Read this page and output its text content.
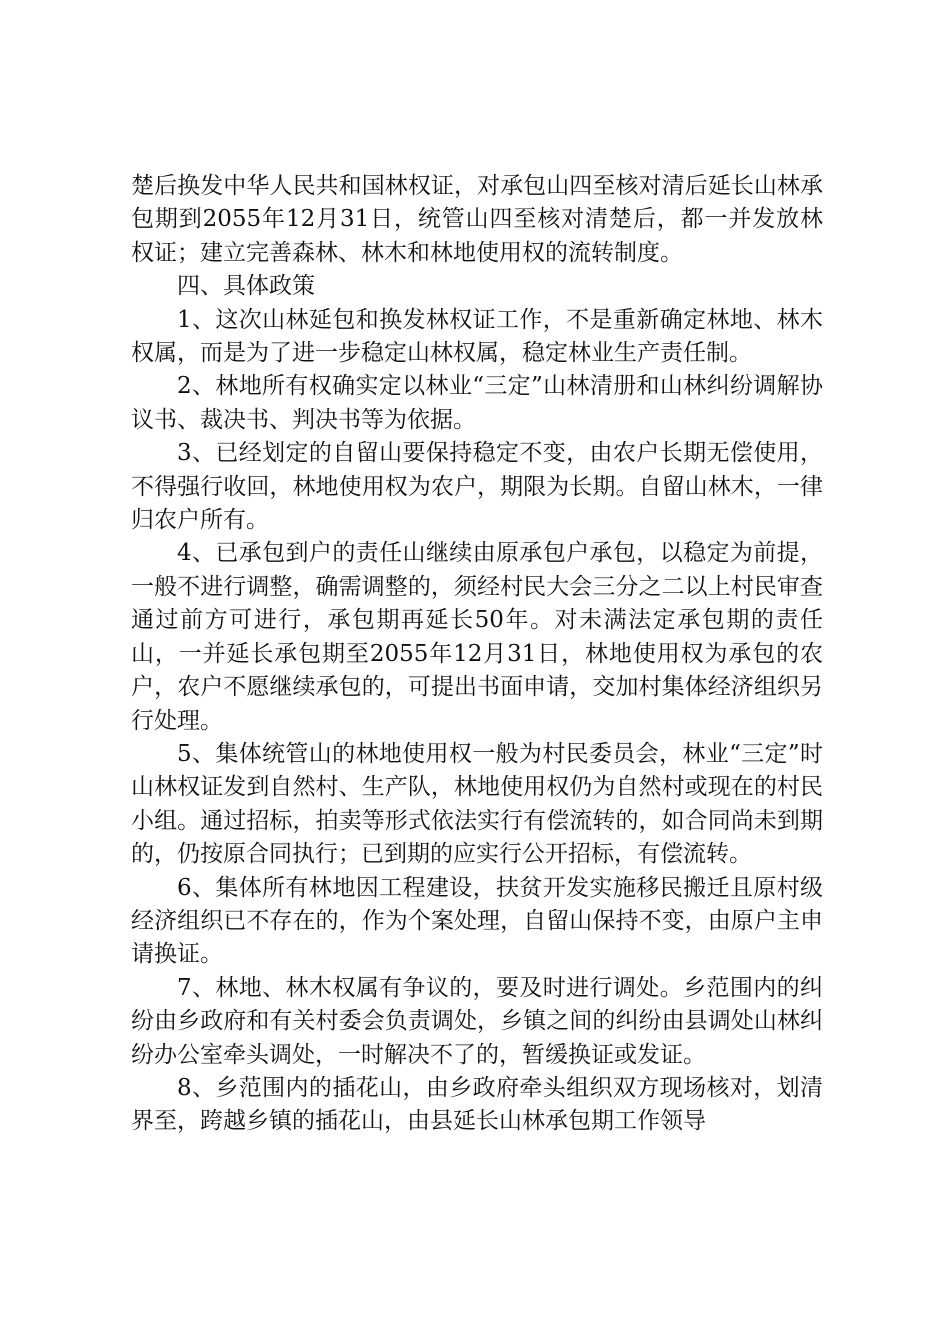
楚后换发中华人民共和国林权证，对承包山四至核对清后延长山林承包期到2055年12月31日，统管山四至核对清楚后，都一并发放林权证；建立完善森林、林木和林地使用权的流转制度。

四、具体政策

1、这次山林延包和换发林权证工作，不是重新确定林地、林木权属，而是为了进一步稳定山林权属，稳定林业生产责任制。

2、林地所有权确实定以林业“三定”山林清册和山林纠纷调解协议书、裁决书、判决书等为依据。

3、已经划定的自留山要保持稳定不变，由农户长期无偿使用，不得强行收回，林地使用权为农户，期限为长期。自留山林木，一律归农户所有。

4、已承包到户的责任山继续由原承包户承包，以稳定为前提，一般不进行调整，确需调整的，须经村民大会三分之二以上村民审查通过前方可进行，承包期再延长50年。对未满法定承包期的责任山，一并延长承包期至2055年12月31日，林地使用权为承包的农户，农户不愿继续承包的，可提出书面申请，交加村集体经济组织另行处理。

5、集体统管山的林地使用权一般为村民委员会，林业“三定”时山林权证发到自然村、生产队，林地使用权仍为自然村或现在的村民小组。通过招标，拍卖等形式依法实行有偿流转的，如合同尚未到期的，仍按原合同执行；已到期的应实行公开招标，有偿流转。

6、集体所有林地因工程建设，扶贫开发实施移民搬迁且原村级经济组织已不存在的，作为个案处理，自留山保持不变，由原户主申请换证。

7、林地、林木权属有争议的，要及时进行调处。乡范围内的纠纷由乡政府和有关村委会负责调处，乡镇之间的纠纷由县调处山林纠纷办公室牵头调处，一时解决不了的，暂缓换证或发证。

8、乡范围内的插花山，由乡政府牵头组织双方现场核对，划清界至，跨越乡镇的插花山，由县延长山林承包期工作领导
